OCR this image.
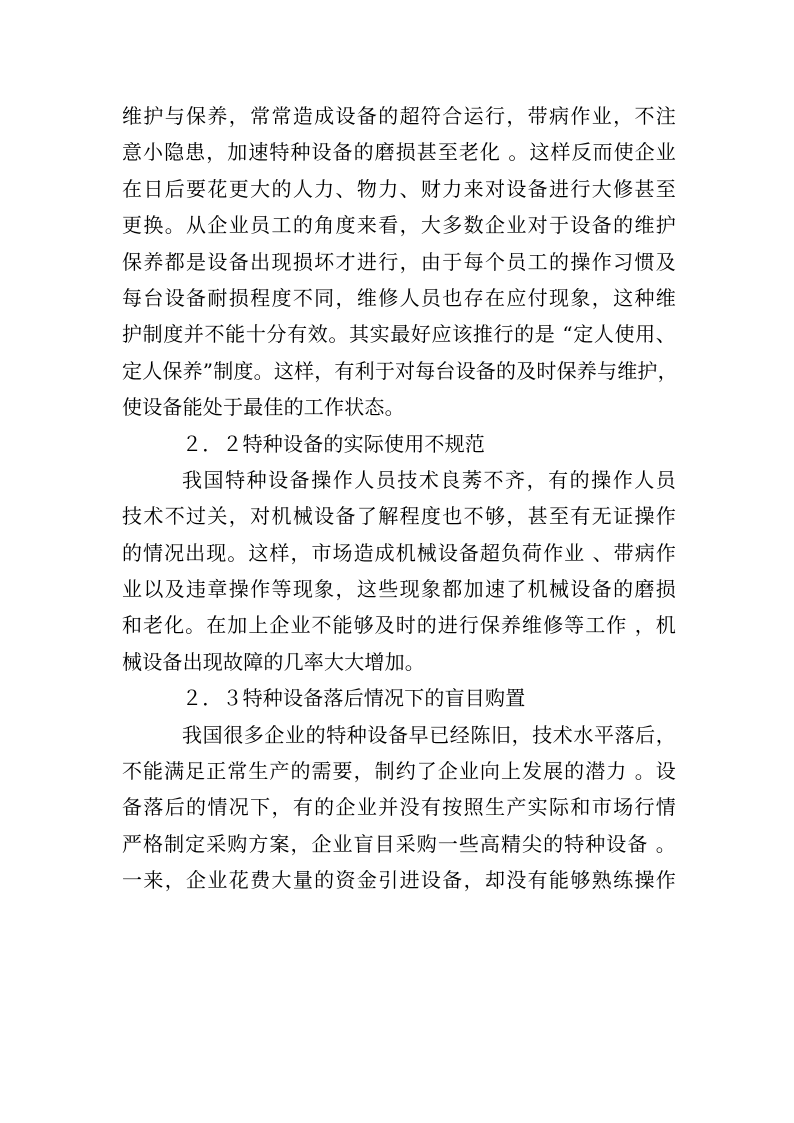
维护与保养，常常造成设备的超符合运行，带病作业，不注
意小隐患，加速特种设备的磨损甚至老化 。这样反而使企业
在日后要花更大的人力、物力、财力来对设备进行大修甚至
更换。从企业员工的角度来看，大多数企业对于设备的维护
保养都是设备出现损坏才进行，由于每个员工的操作习惯及
每台设备耐损程度不同，维修人员也存在应付现象，这种维
护制度并不能十分有效。其实最好应该推行的是 “定人使用、
定人保养”制度。这样，有利于对每台设备的及时保养与维护，
使设备能处于最佳的工作状态。
２．２特种设备的实际使用不规范
我国特种设备操作人员技术良莠不齐，有的操作人员
技术不过关，对机械设备了解程度也不够，甚至有无证操作
的情况出现。这样，市场造成机械设备超负荷作业 、带病作
业以及违章操作等现象，这些现象都加速了机械设备的磨损
和老化。在加上企业不能够及时的进行保养维修等工作 ，机
械设备出现故障的几率大大增加。
２．３特种设备落后情况下的盲目购置
我国很多企业的特种设备早已经陈旧，技术水平落后，
不能满足正常生产的需要，制约了企业向上发展的潜力 。设
备落后的情况下，有的企业并没有按照生产实际和市场行情
严格制定采购方案，企业盲目采购一些高精尖的特种设备 。
一来，企业花费大量的资金引进设备，却没有能够熟练操作
